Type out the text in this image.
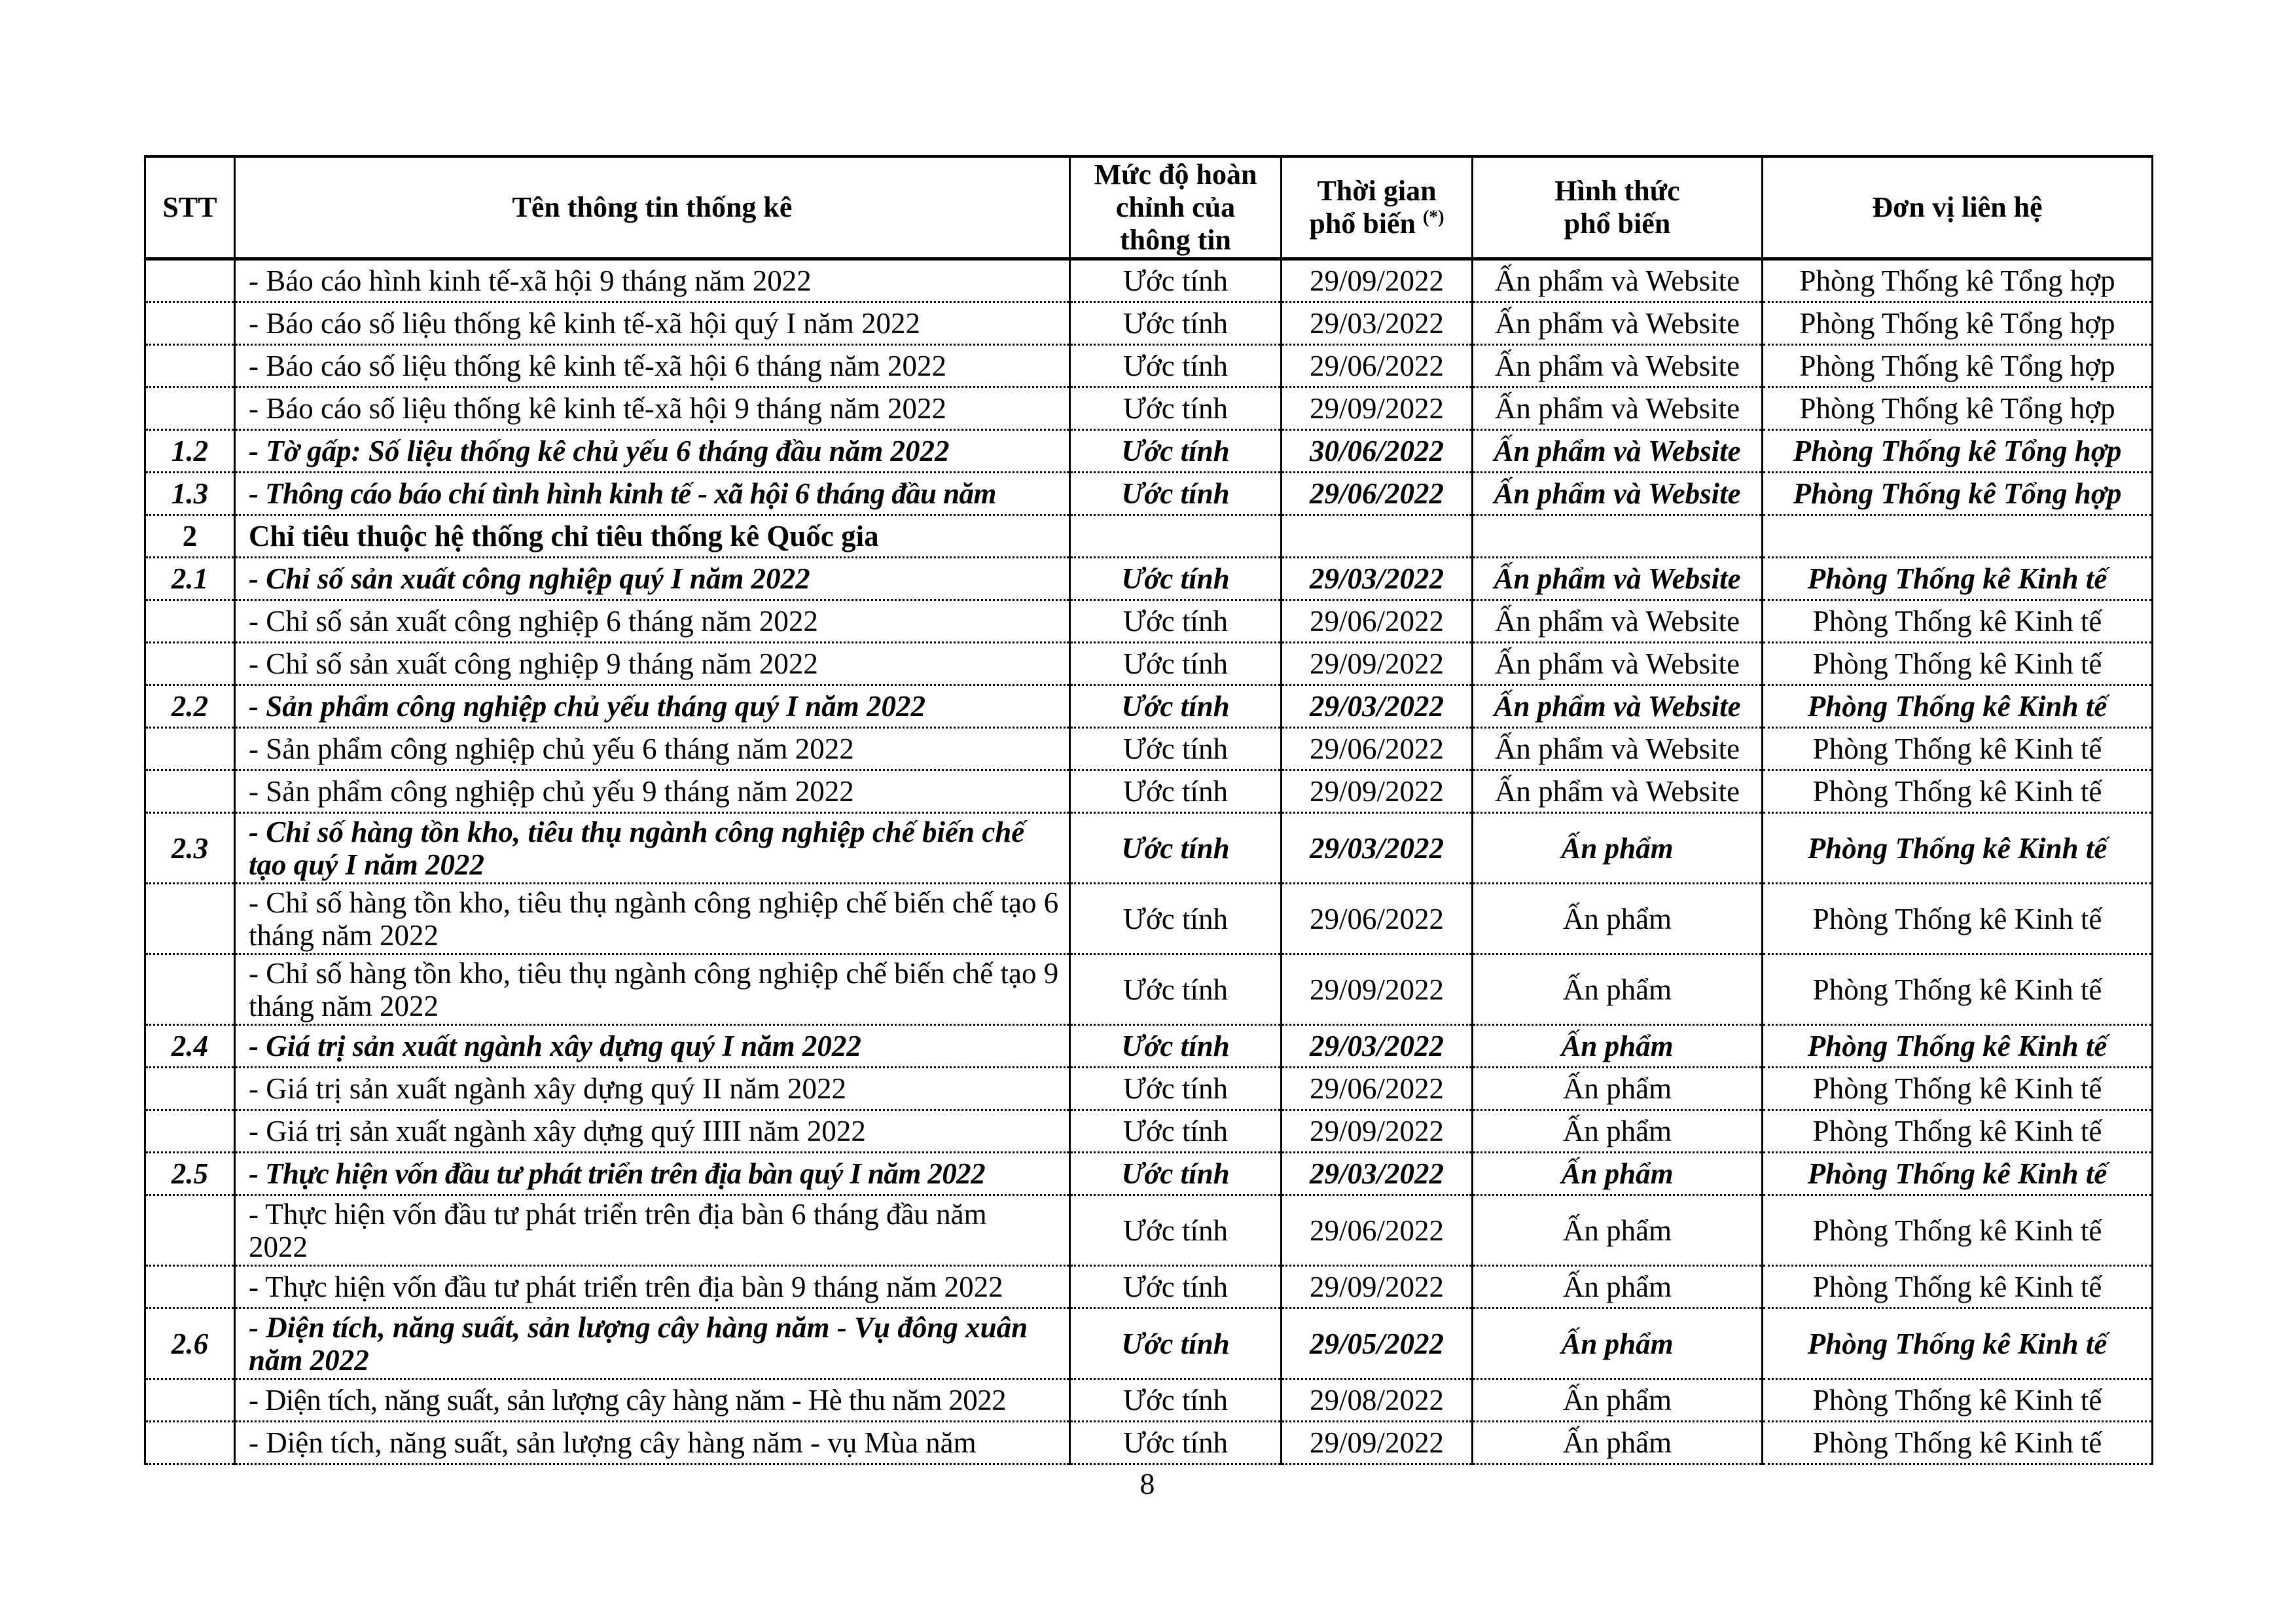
STT	Tên thông tin thống kê	Mức độ hoàn chỉnh của thông tin	Thời gian phổ biến (*)	Hình thức phổ biến	Đơn vị liên hệ
	- Báo cáo hình kinh tế-xã hội 9 tháng năm 2022	Ước tính	29/09/2022	Ấn phẩm và Website	Phòng Thống kê Tổng hợp
	- Báo cáo số liệu thống kê kinh tế-xã hội quý I năm 2022	Ước tính	29/03/2022	Ấn phẩm và Website	Phòng Thống kê Tổng hợp
	- Báo cáo số liệu thống kê kinh tế-xã hội 6 tháng năm 2022	Ước tính	29/06/2022	Ấn phẩm và Website	Phòng Thống kê Tổng hợp
	- Báo cáo số liệu thống kê kinh tế-xã hội 9 tháng năm 2022	Ước tính	29/09/2022	Ấn phẩm và Website	Phòng Thống kê Tổng hợp
1.2	- Tờ gấp: Số liệu thống kê chủ yếu 6 tháng đầu năm 2022	Ước tính	30/06/2022	Ấn phẩm và Website	Phòng Thống kê Tổng hợp
1.3	- Thông cáo báo chí tình hình kinh tế - xã hội 6 tháng đầu năm	Ước tính	29/06/2022	Ấn phẩm và Website	Phòng Thống kê Tổng hợp
2	Chỉ tiêu thuộc hệ thống chỉ tiêu thống kê Quốc gia				
2.1	- Chỉ số sản xuất công nghiệp quý I năm 2022	Ước tính	29/03/2022	Ấn phẩm và Website	Phòng Thống kê Kinh tế
	- Chỉ số sản xuất công nghiệp 6 tháng năm 2022	Ước tính	29/06/2022	Ấn phẩm và Website	Phòng Thống kê Kinh tế
	- Chỉ số sản xuất công nghiệp 9 tháng năm 2022	Ước tính	29/09/2022	Ấn phẩm và Website	Phòng Thống kê Kinh tế
2.2	- Sản phẩm công nghiệp chủ yếu tháng quý I năm 2022	Ước tính	29/03/2022	Ấn phẩm và Website	Phòng Thống kê Kinh tế
	- Sản phẩm công nghiệp chủ yếu 6 tháng năm 2022	Ước tính	29/06/2022	Ấn phẩm và Website	Phòng Thống kê Kinh tế
	- Sản phẩm công nghiệp chủ yếu 9 tháng năm 2022	Ước tính	29/09/2022	Ấn phẩm và Website	Phòng Thống kê Kinh tế
2.3	- Chỉ số hàng tồn kho, tiêu thụ ngành công nghiệp chế biến chế tạo quý I năm 2022	Ước tính	29/03/2022	Ấn phẩm	Phòng Thống kê Kinh tế
	- Chỉ số hàng tồn kho, tiêu thụ ngành công nghiệp chế biến chế tạo 6 tháng năm 2022	Ước tính	29/06/2022	Ấn phẩm	Phòng Thống kê Kinh tế
	- Chỉ số hàng tồn kho, tiêu thụ ngành công nghiệp chế biến chế tạo 9 tháng năm 2022	Ước tính	29/09/2022	Ấn phẩm	Phòng Thống kê Kinh tế
2.4	- Giá trị sản xuất ngành xây dựng quý I năm 2022	Ước tính	29/03/2022	Ấn phẩm	Phòng Thống kê Kinh tế
	- Giá trị sản xuất ngành xây dựng quý II năm 2022	Ước tính	29/06/2022	Ấn phẩm	Phòng Thống kê Kinh tế
	- Giá trị sản xuất ngành xây dựng quý IIII năm 2022	Ước tính	29/09/2022	Ấn phẩm	Phòng Thống kê Kinh tế
2.5	- Thực hiện vốn đầu tư phát triển trên địa bàn quý I năm 2022	Ước tính	29/03/2022	Ấn phẩm	Phòng Thống kê Kinh tế
	- Thực hiện vốn đầu tư phát triển trên địa bàn 6 tháng đầu năm 2022	Ước tính	29/06/2022	Ấn phẩm	Phòng Thống kê Kinh tế
	- Thực hiện vốn đầu tư phát triển trên địa bàn 9 tháng năm 2022	Ước tính	29/09/2022	Ấn phẩm	Phòng Thống kê Kinh tế
2.6	- Diện tích, năng suất, sản lượng cây hàng năm - Vụ đông xuân năm 2022	Ước tính	29/05/2022	Ấn phẩm	Phòng Thống kê Kinh tế
	- Diện tích, năng suất, sản lượng cây hàng năm - Hè thu năm 2022	Ước tính	29/08/2022	Ấn phẩm	Phòng Thống kê Kinh tế
	- Diện tích, năng suất, sản lượng cây hàng năm - vụ Mùa năm	Ước tính	29/09/2022	Ấn phẩm	Phòng Thống kê Kinh tế
8
